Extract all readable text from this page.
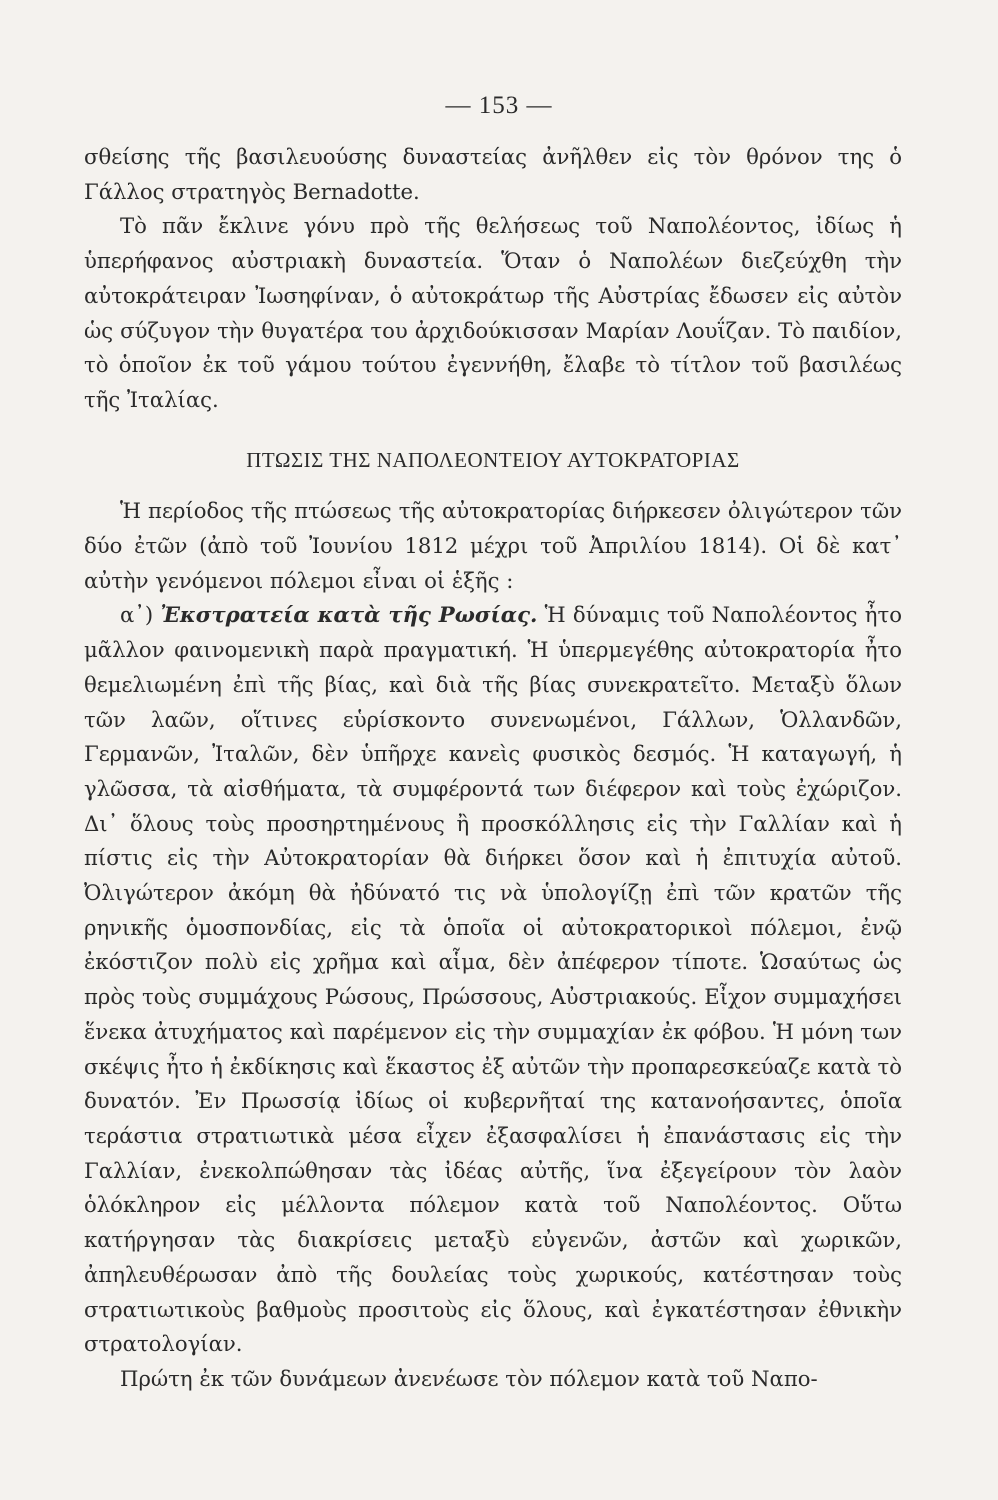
— 153 —

σθείσης τῆς βασιλευούσης δυναστείας ἀνῆλθεν εἰς τὸν θρόνον της ὁ Γάλλος στρατηγὸς Bernadotte.

Τὸ πᾶν ἔκλινε γόνυ πρὸ τῆς θελήσεως τοῦ Ναπολέοντος, ἰδίως ἡ ὑπερήφανος αὐστριακὴ δυναστεία. Ὅταν ὁ Ναπολέων διεζεύχθη τὴν αὐτοκράτειραν Ἰωσηφίναν, ὁ αὐτοκράτωρ τῆς Αὐστρίας ἔδωσεν εἰς αὐτὸν ὡς σύζυγον τὴν θυγατέρα του ἀρχιδούκισσαν Μαρίαν Λουΐζαν. Τὸ παιδίον, τὸ ὁποῖον ἐκ τοῦ γάμου τούτου ἐγεννήθη, ἔλαβε τὸ τίτλον τοῦ βασιλέως τῆς Ἰταλίας.

ΠΤΩΣΙΣ ΤΗΣ ΝΑΠΟΛΕΟΝΤΕΙΟΥ ΑΥΤΟΚΡΑΤΟΡΙΑΣ

Ἡ περίοδος τῆς πτώσεως τῆς αὐτοκρατορίας διήρκεσεν ὀλιγώτερον τῶν δύο ἐτῶν (ἀπὸ τοῦ Ἰουνίου 1812 μέχρι τοῦ Ἀπριλίου 1814). Οἱ δὲ κατ᾽ αὐτὴν γενόμενοι πόλεμοι εἶναι οἱ ἑξῆς :

α᾽) Ἐκστρατεία κατὰ τῆς Ρωσίας. Ἡ δύναμις τοῦ Ναπολέοντος ἦτο μᾶλλον φαινομενικὴ παρὰ πραγματική. Ἡ ὑπερμεγέθης αὐτοκρατορία ἦτο θεμελιωμένη ἐπὶ τῆς βίας, καὶ διὰ τῆς βίας συνεκρατεῖτο. Μεταξὺ ὅλων τῶν λαῶν, οἵτινες εὑρίσκοντο συνενωμένοι, Γάλλων, Ὁλλανδῶν, Γερμανῶν, Ἰταλῶν, δὲν ὑπῆρχε κανεὶς φυσικὸς δεσμός. Ἡ καταγωγή, ἡ γλῶσσα, τὰ αἰσθήματα, τὰ συμφέροντά των διέφερον καὶ τοὺς ἐχώριζον. Δι᾽ ὅλους τοὺς προσηρτημένους ἢ προσκόλλησις εἰς τὴν Γαλλίαν καὶ ἡ πίστις εἰς τὴν Αὐτοκρατορίαν θὰ διήρκει ὅσον καὶ ἡ ἐπιτυχία αὐτοῦ. Ὀλιγώτερον ἀκόμη θὰ ἠδύνατό τις νὰ ὑπολογίζῃ ἐπὶ τῶν κρατῶν τῆς ρηνικῆς ὁμοσπονδίας, εἰς τὰ ὁποῖα οἱ αὐτοκρατορικοὶ πόλεμοι, ἐνῷ ἐκόστιζον πολὺ εἰς χρῆμα καὶ αἷμα, δὲν ἀπέφερον τίποτε. Ὡσαύτως ὡς πρὸς τοὺς συμμάχους Ρώσους, Πρώσσους, Αὐστριακούς. Εἶχον συμμαχήσει ἕνεκα ἀτυχήματος καὶ παρέμενον εἰς τὴν συμμαχίαν ἐκ φόβου. Ἡ μόνη των σκέψις ἦτο ἡ ἐκδίκησις καὶ ἕκαστος ἐξ αὐτῶν τὴν προπαρεσκεύαζε κατὰ τὸ δυνατόν. Ἐν Πρωσσίᾳ ἰδίως οἱ κυβερνῆταί της κατανοήσαντες, ὁποῖα τεράστια στρατιωτικὰ μέσα εἶχεν ἐξασφαλίσει ἡ ἐπανάστασις εἰς τὴν Γαλλίαν, ἐνεκολπώθησαν τὰς ἰδέας αὐτῆς, ἵνα ἐξεγείρουν τὸν λαὸν ὁλόκληρον εἰς μέλλοντα πόλεμον κατὰ τοῦ Ναπολέοντος. Οὕτω κατήργησαν τὰς διακρίσεις μεταξὺ εὐγενῶν, ἀστῶν καὶ χωρικῶν, ἀπηλευθέρωσαν ἀπὸ τῆς δουλείας τοὺς χωρικούς, κατέστησαν τοὺς στρατιωτικοὺς βαθμοὺς προσιτοὺς εἰς ὅλους, καὶ ἐγκατέστησαν ἐθνικὴν στρατολογίαν.

Πρώτη ἐκ τῶν δυνάμεων ἀνενέωσε τὸν πόλεμον κατὰ τοῦ Ναπο-
